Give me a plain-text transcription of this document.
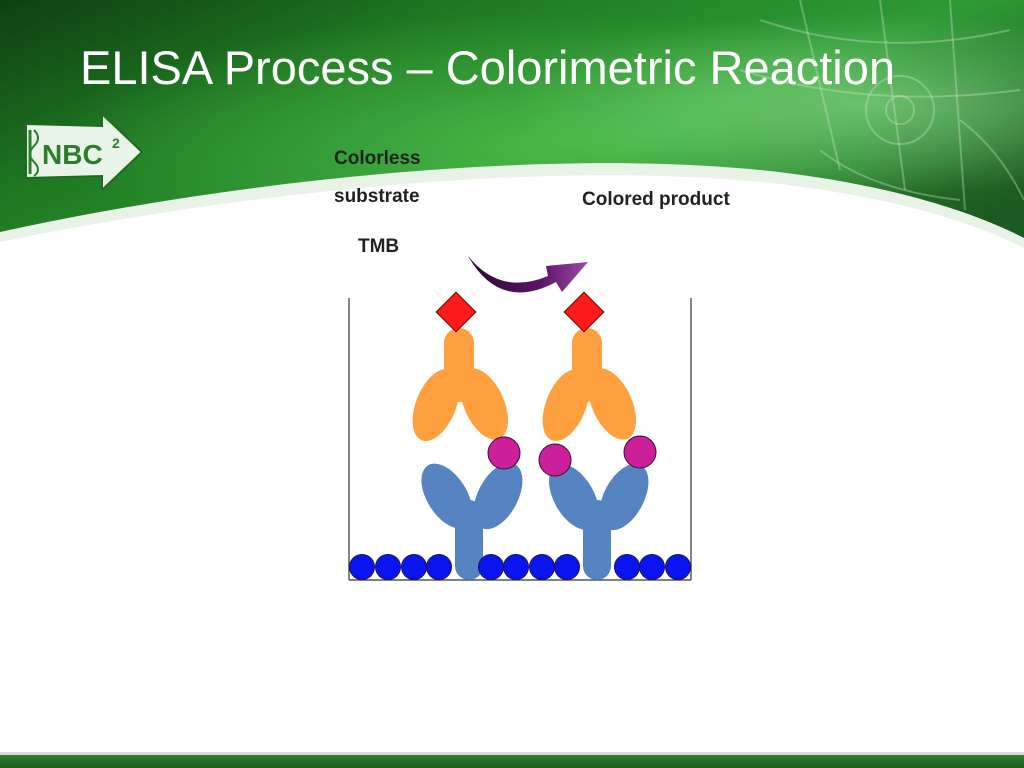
ELISA Process – Colorimetric Reaction
NBC 2
Colorless
substrate
TMB
Colored product
